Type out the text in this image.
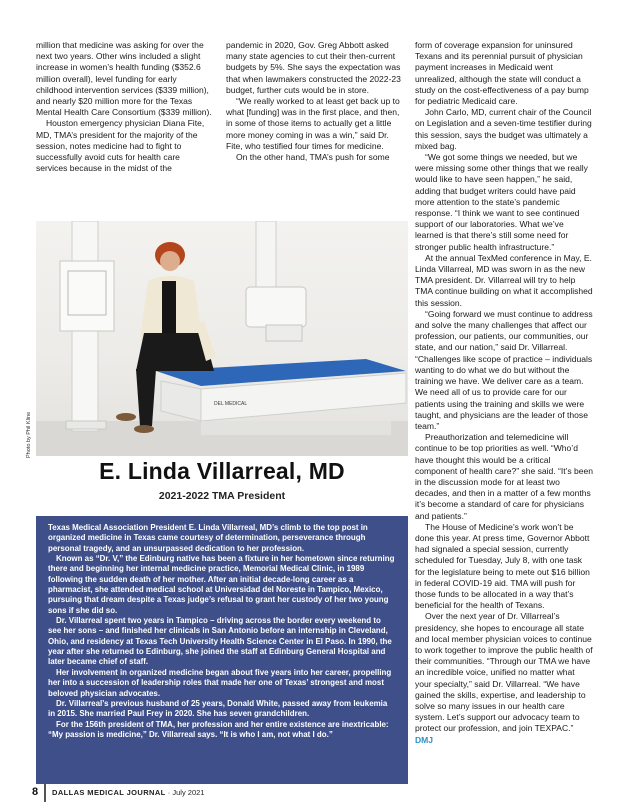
million that medicine was asking for over the next two years. Other wins included a slight increase in women’s health funding ($352.6 million overall), level funding for early childhood intervention services ($339 million), and nearly $20 million more for the Texas Mental Health Care Consortium ($339 million).

Houston emergency physician Diana Fite, MD, TMA’s president for the majority of the session, notes medicine had to fight to successfully avoid cuts for health care services because in the midst of the

pandemic in 2020, Gov. Greg Abbott asked many state agencies to cut their then-current budgets by 5%. She says the expectation was that when lawmakers constructed the 2022-23 budget, further cuts would be in store.

“We really worked to at least get back up to what [funding] was in the first place, and then, in some of those items to actually get a little more money coming in was a win,” said Dr. Fite, who testified four times for medicine.

On the other hand, TMA’s push for some

DEL MEDICAL
Photo by Phil Kline
E. Linda Villarreal, MD
2021-2022 TMA President

Texas Medical Association President E. Linda Villarreal, MD’s climb to the top post in organized medicine in Texas came courtesy of determination, perseverance through personal tragedy, and an unsurpassed dedication to her profession.

Known as “Dr. V,” the Edinburg native has been a fixture in her hometown since returning there and beginning her internal medicine practice, Memorial Medical Clinic, in 1989 following the sudden death of her mother. After an initial decade-long career as a pharmacist, she attended medical school at Universidad del Noreste in Tampico, Mexico, pursuing that dream despite a Texas judge’s refusal to grant her custody of her two young sons if she did so.

Dr. Villarreal spent two years in Tampico – driving across the border every weekend to see her sons – and finished her clinicals in San Antonio before an internship in Cleveland, Ohio, and residency at Texas Tech University Health Science Center in El Paso. In 1990, the year after she returned to Edinburg, she joined the staff at Edinburg General Hospital and later became chief of staff.

Her involvement in organized medicine began about five years into her career, propelling her into a succession of leadership roles that made her one of Texas’ strongest and most beloved physician advocates.

Dr. Villarreal’s previous husband of 25 years, Donald White, passed away from leukemia in 2015. She married Paul Frey in 2020. She has seven grandchildren.

For the 156th president of TMA, her profession and her entire existence are inextricable: “My passion is medicine,” Dr. Villarreal says. “It is who I am, not what I do.”

form of coverage expansion for uninsured Texans and its perennial pursuit of physician payment increases in Medicaid went unrealized, although the state will conduct a study on the cost-effectiveness of a pay bump for pediatric Medicaid care.

John Carlo, MD, current chair of the Council on Legislation and a seven-time testifier during this session, says the budget was ultimately a mixed bag.

“We got some things we needed, but we were missing some other things that we really would like to have seen happen,” he said, adding that budget writers could have paid more attention to the state’s pandemic response. “I think we want to see continued support of our laboratories. What we’ve learned is that there’s still some need for stronger public health infrastructure.”

At the annual TexMed conference in May, E. Linda Villarreal, MD was sworn in as the new TMA president. Dr. Villarreal will try to help TMA continue building on what it accomplished this session.

“Going forward we must continue to address and solve the many challenges that affect our profession, our patients, our communities, our state, and our nation,” said Dr. Villarreal. “Challenges like scope of practice – individuals wanting to do what we do but without the training we have. We deliver care as a team. We need all of us to provide care for our patients using the training and skills we were taught, and physicians are the leader of those team.”

Preauthorization and telemedicine will continue to be top priorities as well. “Who’d have thought this would be a critical component of health care?” she said. “It’s been in the discussion mode for at least two decades, and then in a matter of a few months it’s become a standard of care for physicians and patients.”

The House of Medicine’s work won’t be done this year. At press time, Governor Abbott had signaled a special session, currently scheduled for Tuesday, July 8, with one task for the legislature being to mete out $16 billion in federal COVID-19 aid. TMA will push for those funds to be allocated in a way that’s beneficial for the health of Texans.

Over the next year of Dr. Villarreal’s presidency, she hopes to encourage all state and local member physician voices to continue to work together to improve the public health of their communities. “Through our TMA we have an incredible voice, unified no matter what your specialty,” said Dr. Villarreal. “We have gained the skills, expertise, and leadership to solve so many issues in our health care system. Let’s support our advocacy team to protect our profession, and join TEXPAC.” DMJ

8 DALLAS MEDICAL JOURNAL · July 2021
